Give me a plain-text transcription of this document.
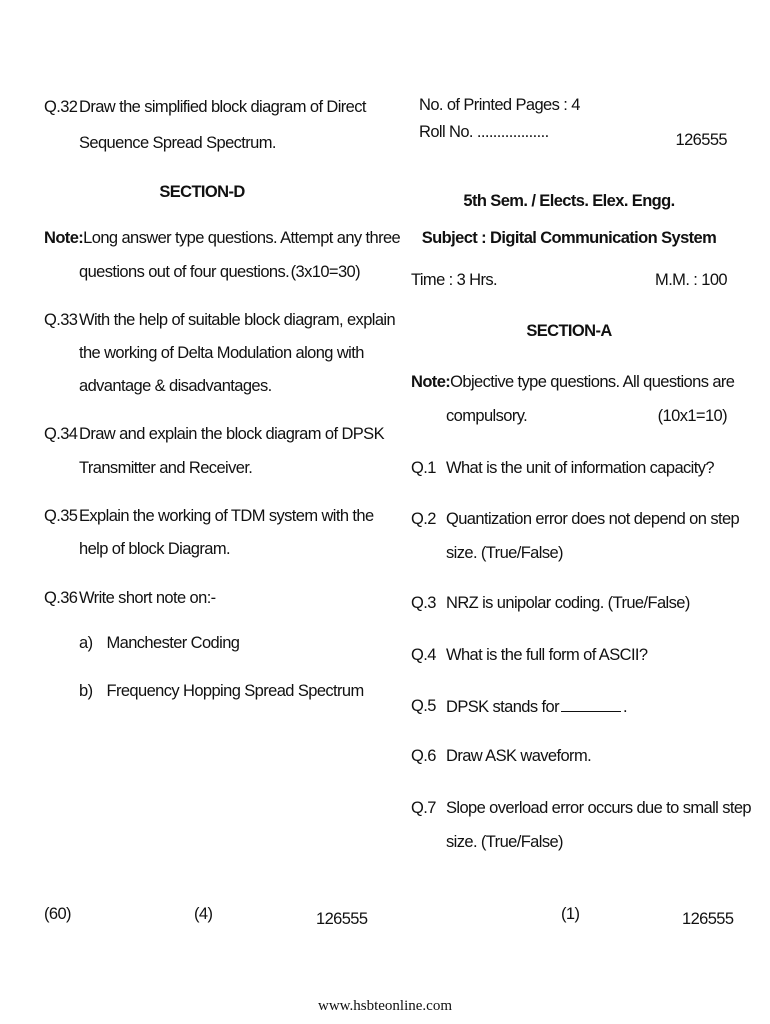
Q.32 Draw the simplified block diagram of Direct
Sequence Spread Spectrum.
SECTION-D
Note:Long answer type questions. Attempt any three
questions out of four questions. (3x10=30)
Q.33 With the help of suitable block diagram, explain
the working of Delta Modulation along with
advantage & disadvantages.
Q.34 Draw and explain the block diagram of DPSK
Transmitter and Receiver.
Q.35 Explain the working of TDM system with the
help of block Diagram.
Q.36 Write short note on:-
a) Manchester Coding
b) Frequency Hopping Spread Spectrum
No. of Printed Pages : 4
Roll No. ..................	126555
5th Sem. / Elects. Elex. Engg.
Subject : Digital Communication System
Time : 3 Hrs.	M.M. : 100
SECTION-A
Note:Objective type questions. All questions are
compulsory.	(10x1=10)
Q.1 What is the unit of information capacity?
Q.2 Quantization error does not depend on step
size. (True/False)
Q.3 NRZ is unipolar coding. (True/False)
Q.4 What is the full form of ASCII?
Q.5 DPSK stands for	.
Q.6 Draw ASK waveform.
Q.7 Slope overload error occurs due to small step
size. (True/False)
(60)	(4)	126555	(1)	126555
www.hsbteonline.com
